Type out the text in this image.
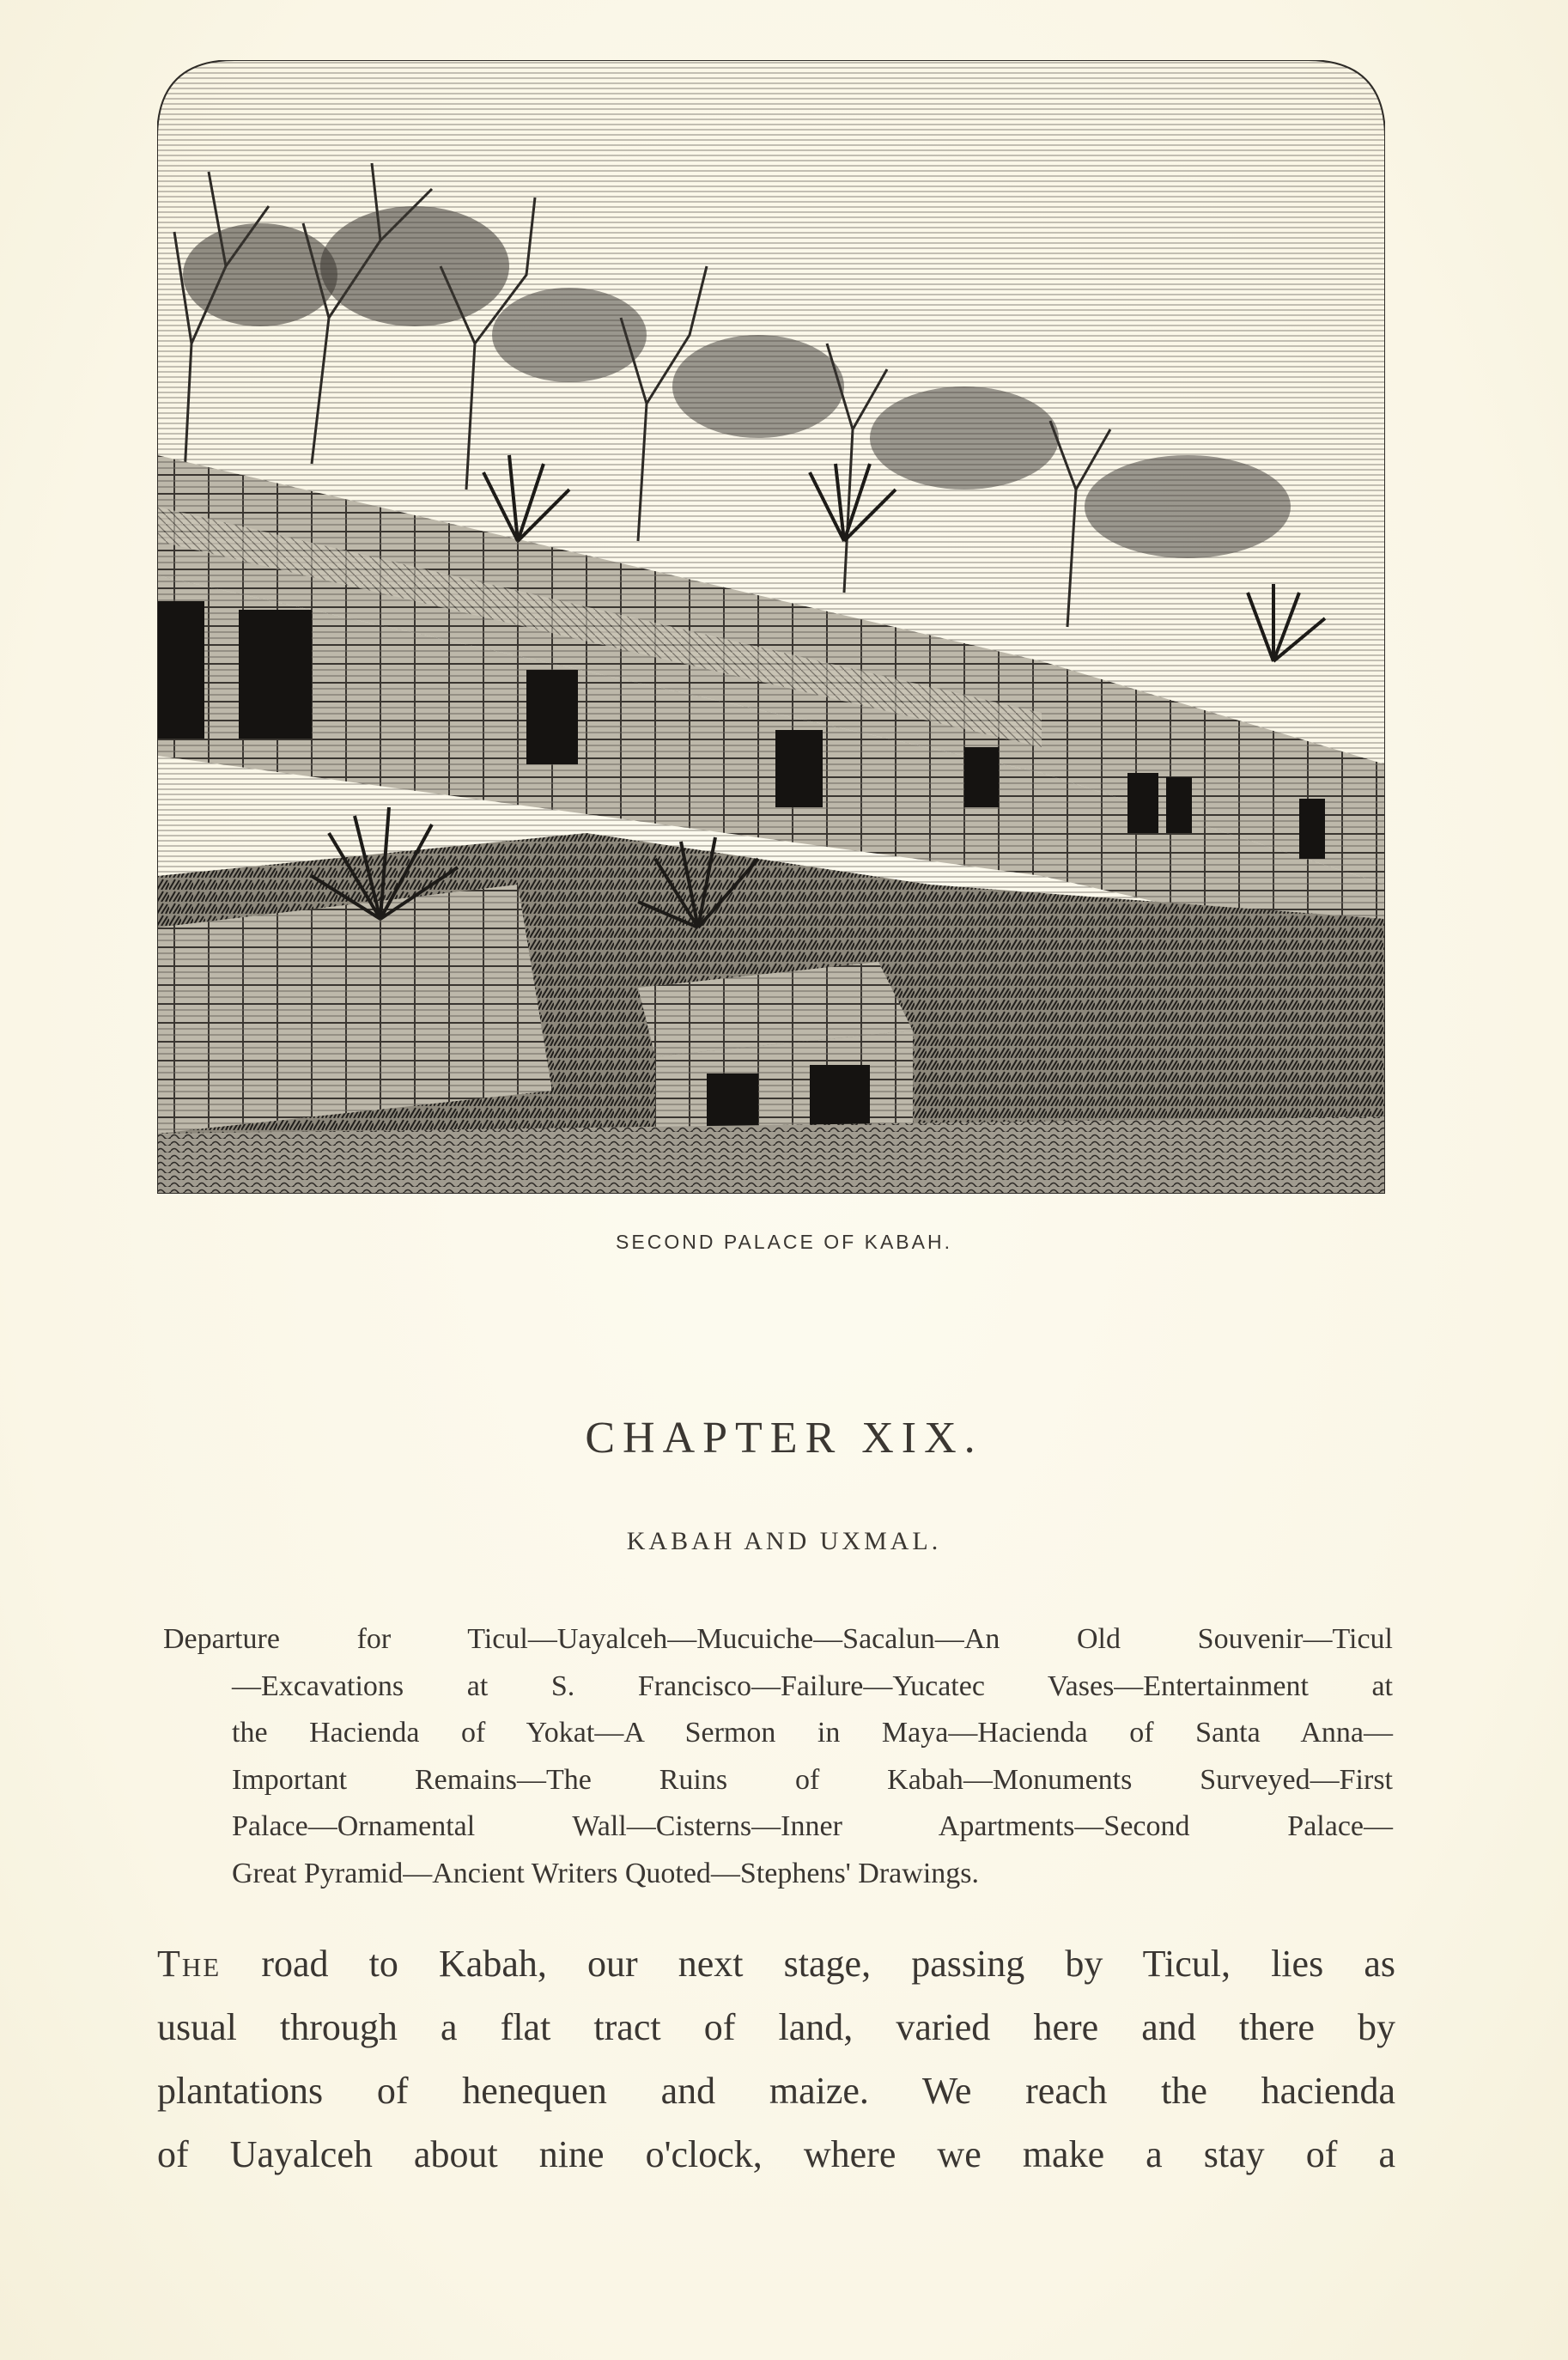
SECOND PALACE OF KABAH.
CHAPTER XIX.
KABAH AND UXMAL.
Departure for Ticul—Uayalceh—Mucuiche—Sacalun—An Old Souvenir—Ticul
—Excavations at S. Francisco—Failure—Yucatec Vases—Entertainment at
the Hacienda of Yokat—A Sermon in Maya—Hacienda of Santa Anna—
Important Remains—The Ruins of Kabah—Monuments Surveyed—First
Palace—Ornamental Wall—Cisterns—Inner Apartments—Second Palace—
Great Pyramid—Ancient Writers Quoted—Stephens' Drawings.
The road to Kabah, our next stage, passing by Ticul, lies as
usual through a flat tract of land, varied here and there by
plantations of henequen and maize. We reach the hacienda
of Uayalceh about nine o'clock, where we make a stay of a
